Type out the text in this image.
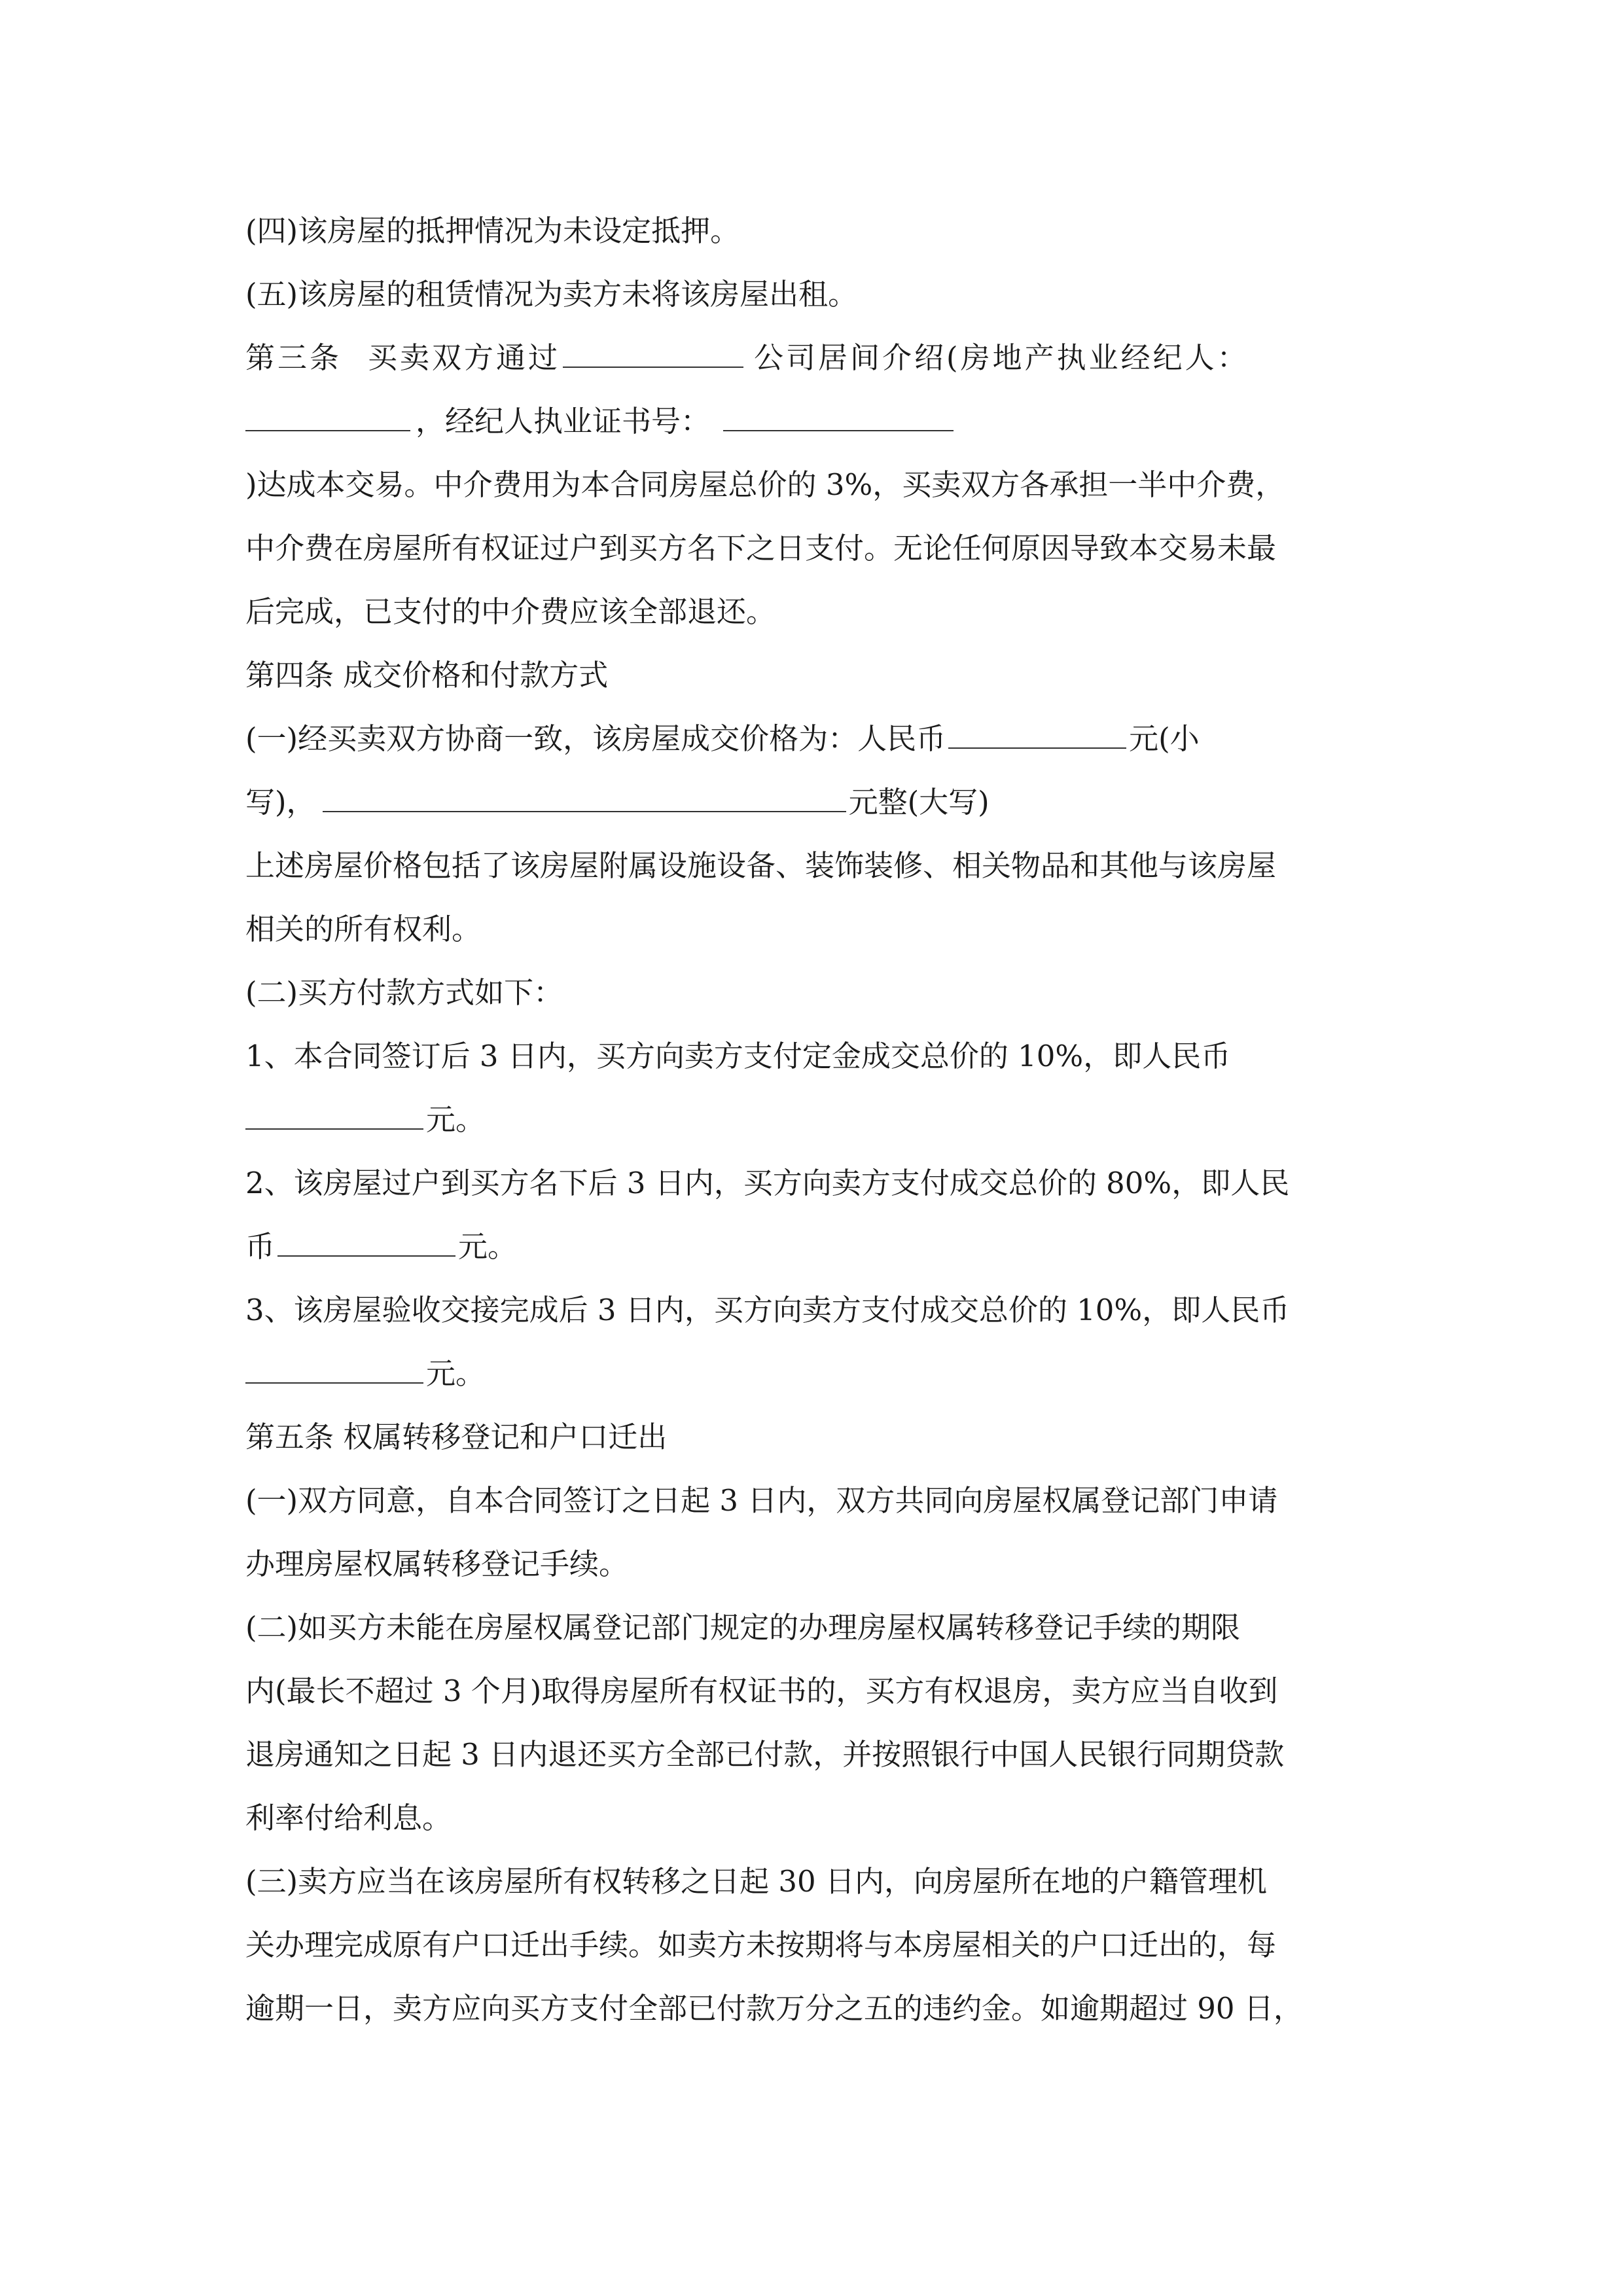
(四)该房屋的抵押情况为未设定抵押。
(五)该房屋的租赁情况为卖方未将该房屋出租。
第三条 买卖双方通过	公司居间介绍(房地产执业经纪人：
，经纪人执业证书号：
)达成本交易。中介费用为本合同房屋总价的 3%，买卖双方各承担一半中介费，
中介费在房屋所有权证过户到买方名下之日支付。无论任何原因导致本交易未最
后完成，已支付的中介费应该全部退还。
第四条 成交价格和付款方式
(一)经买卖双方协商一致，该房屋成交价格为：人民币	元(小
写)，	元整(大写)
上述房屋价格包括了该房屋附属设施设备、装饰装修、相关物品和其他与该房屋
相关的所有权利。
(二)买方付款方式如下：
1、本合同签订后 3 日内，买方向卖方支付定金成交总价的 10%，即人民币
元。
2、该房屋过户到买方名下后 3 日内，买方向卖方支付成交总价的 80%，即人民
币	元。
3、该房屋验收交接完成后 3 日内，买方向卖方支付成交总价的 10%，即人民币
元。
第五条 权属转移登记和户口迁出
(一)双方同意，自本合同签订之日起 3 日内，双方共同向房屋权属登记部门申请
办理房屋权属转移登记手续。
(二)如买方未能在房屋权属登记部门规定的办理房屋权属转移登记手续的期限
内(最长不超过 3 个月)取得房屋所有权证书的，买方有权退房，卖方应当自收到
退房通知之日起 3 日内退还买方全部已付款，并按照银行中国人民银行同期贷款
利率付给利息。
(三)卖方应当在该房屋所有权转移之日起 30 日内，向房屋所在地的户籍管理机
关办理完成原有户口迁出手续。如卖方未按期将与本房屋相关的户口迁出的，每
逾期一日，卖方应向买方支付全部已付款万分之五的违约金。如逾期超过 90 日，
